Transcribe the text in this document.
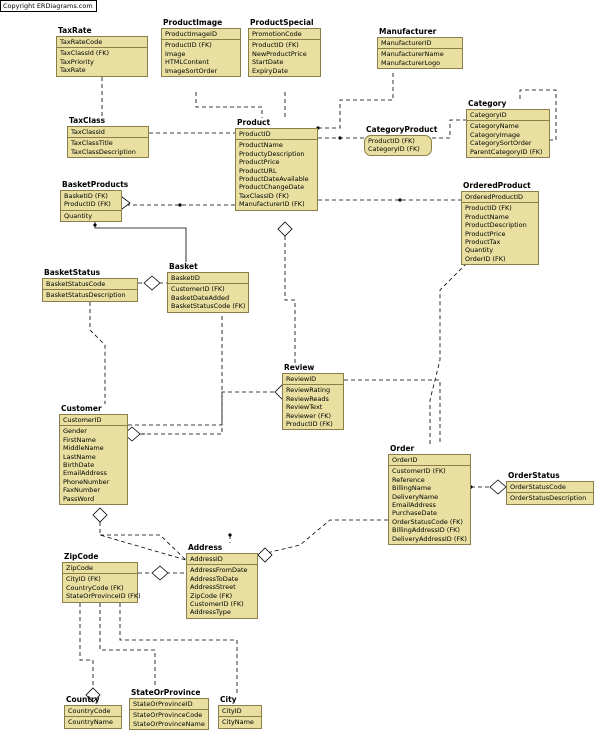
Copyright ERDiagrams.com
TaxRate
TaxRateCode
TaxClassId (FK)
TaxPriority
TaxRate
ProductImage
ProductImageID
ProductID (FK)
Image
HTMLContent
ImageSortOrder
ProductSpecial
PromotionCode
ProductID (FK)
NewProductPrice
StartDate
ExpiryDate
Manufacturer
ManufacturerID
ManufacturerName
ManufacturerLogo
Category
CategoryID
CategoryName
CategoryImage
CategorySortOrder
ParentCategoryID (FK)
TaxClass
TaxClassId
TaxClassTitle
TaxClassDescription
Product
ProductID
ProductName
ProductyDescription
ProductPrice
ProductURL
ProductDateAvailable
ProductChangeDate
TaxClassID (FK)
ManufacturerID (FK)
CategoryProduct
ProductID (FK)
CategoryID (FK)
BasketProducts
BasketID (FK)
ProductID (FK)
Quantity
OrderedProduct
OrderedProductID
ProductID (FK)
ProductName
ProductDescription
ProductPrice
ProductTax
Quantity
OrderID (FK)
Basket
BasketID
CustomerID (FK)
BasketDateAdded
BasketStatusCode (FK)
BasketStatus
BasketStatusCode
BasketStatusDescription
Review
ReviewID
ReviewRating
ReviewReads
ReviewText
Reviewer (FK)
ProductID (FK)
Customer
CustomerID
Gender
FirstName
MiddleName
LastName
BirthDate
EmailAddress
PhoneNumber
FaxNumber
PassWord
Order
OrderID
CustomerID (FK)
Reference
BillingName
DeliveryName
EmailAddress
PurchaseDate
OrderStatusCode (FK)
BillingAddressID (FK)
DeliveryAddressID (FK)
OrderStatus
OrderStatusCode
OrderStatusDescription
Address
AddressID
AddressFromDate
AddressToDate
AddressStreet
ZipCode (FK)
CustomerID (FK)
AddressType
ZipCode
ZipCode
CityID (FK)
CountryCode (FK)
StateOrProvinceID (FK)
Country
CountryCode
CountryName
StateOrProvince
StateOrProvinceID
StateOrProvinceCode
StateOrProvinceName
City
CityID
CityName
